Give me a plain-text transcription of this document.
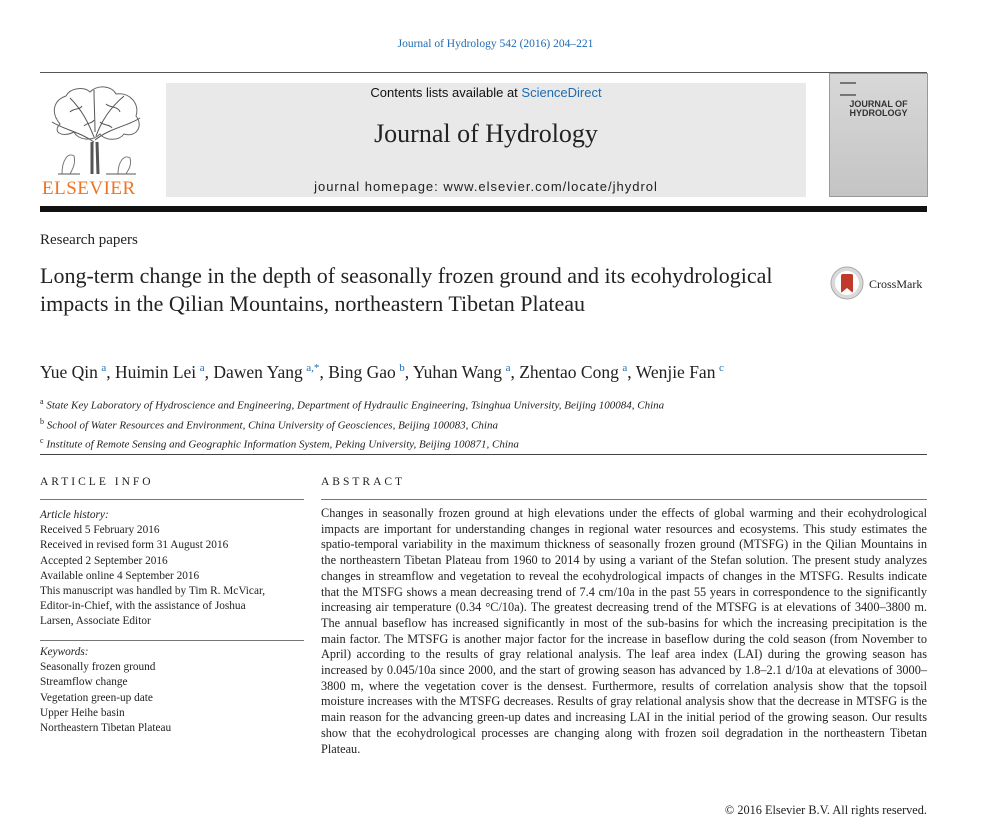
Journal of Hydrology 542 (2016) 204–221
ELSEVIER
Contents lists available at ScienceDirect
Journal of Hydrology
journal homepage: www.elsevier.com/locate/jhydrol
JOURNAL OF
HYDROLOGY
Research papers
Long-term change in the depth of seasonally frozen ground and its ecohydrological impacts in the Qilian Mountains, northeastern Tibetan Plateau
CrossMark
Yue Qin  $^a$, Huimin Lei  $^a$, Dawen Yang  $^{a,*}$, Bing Gao  $^b$, Yuhan Wang  $^a$, Zhentao Cong  $^a$, Wenjie Fan  $^c$
$^a$ State Key Laboratory of Hydroscience and Engineering, Department of Hydraulic Engineering, Tsinghua University, Beijing 100084, China
$^b$ School of Water Resources and Environment, China University of Geosciences, Beijing 100083, China
$^c$ Institute of Remote Sensing and Geographic Information System, Peking University, Beijing 100871, China
ARTICLE INFO	ABSTRACT
Article history:
Received 5 February 2016
Received in revised form 31 August 2016
Accepted 2 September 2016
Available online 4 September 2016
This manuscript was handled by Tim R. McVicar, Editor-in-Chief, with the assistance of Joshua Larsen, Associate Editor
Keywords:
Seasonally frozen ground
Streamflow change
Vegetation green-up date
Upper Heihe basin
Northeastern Tibetan Plateau

Changes in seasonally frozen ground at high elevations under the effects of global warming and their ecohydrological impacts are important for understanding changes in regional water resources and ecosystems. This study estimates the spatio-temporal variability in the maximum thickness of seasonally frozen ground (MTSFG) in the Qilian Mountains in the northeastern Tibetan Plateau from 1960 to 2014 by using a variant of the Stefan solution. The present study analyzes changes in streamflow and vegetation to reveal the ecohydrological impacts of changes in the MTSFG. Results indicate that the MTSFG shows a mean decreasing trend of 7.4 cm/10a in the past 55 years in correspondence to the significantly increasing air temperature (0.34 °C/10a). The greatest decreasing trend of the MTSFG is at elevations of 3400–3800 m. The annual baseflow has increased significantly in most of the sub-basins for which the increasing precipitation is the main factor. The MTSFG is another major factor for the increase in baseflow during the cold season (from November to April) according to the results of gray relational analysis. The leaf area index (LAI) during the growing season has increased by 0.045/10a since 2000, and the start of growing season has advanced by 1.8–2.1 d/10a at elevations of 3000–3800 m, where the vegetation cover is the densest. Furthermore, results of correlation analysis show that the topsoil moisture increases with the MTSFG decreases. Results of gray relational analysis show that the decrease in MTSFG is the main reason for the advancing green-up dates and increasing LAI in the initial period of the growing season. Our results show that the ecohydrological processes are changing along with frozen soil degradation in the northeastern Tibetan Plateau.

© 2016 Elsevier B.V. All rights reserved.
